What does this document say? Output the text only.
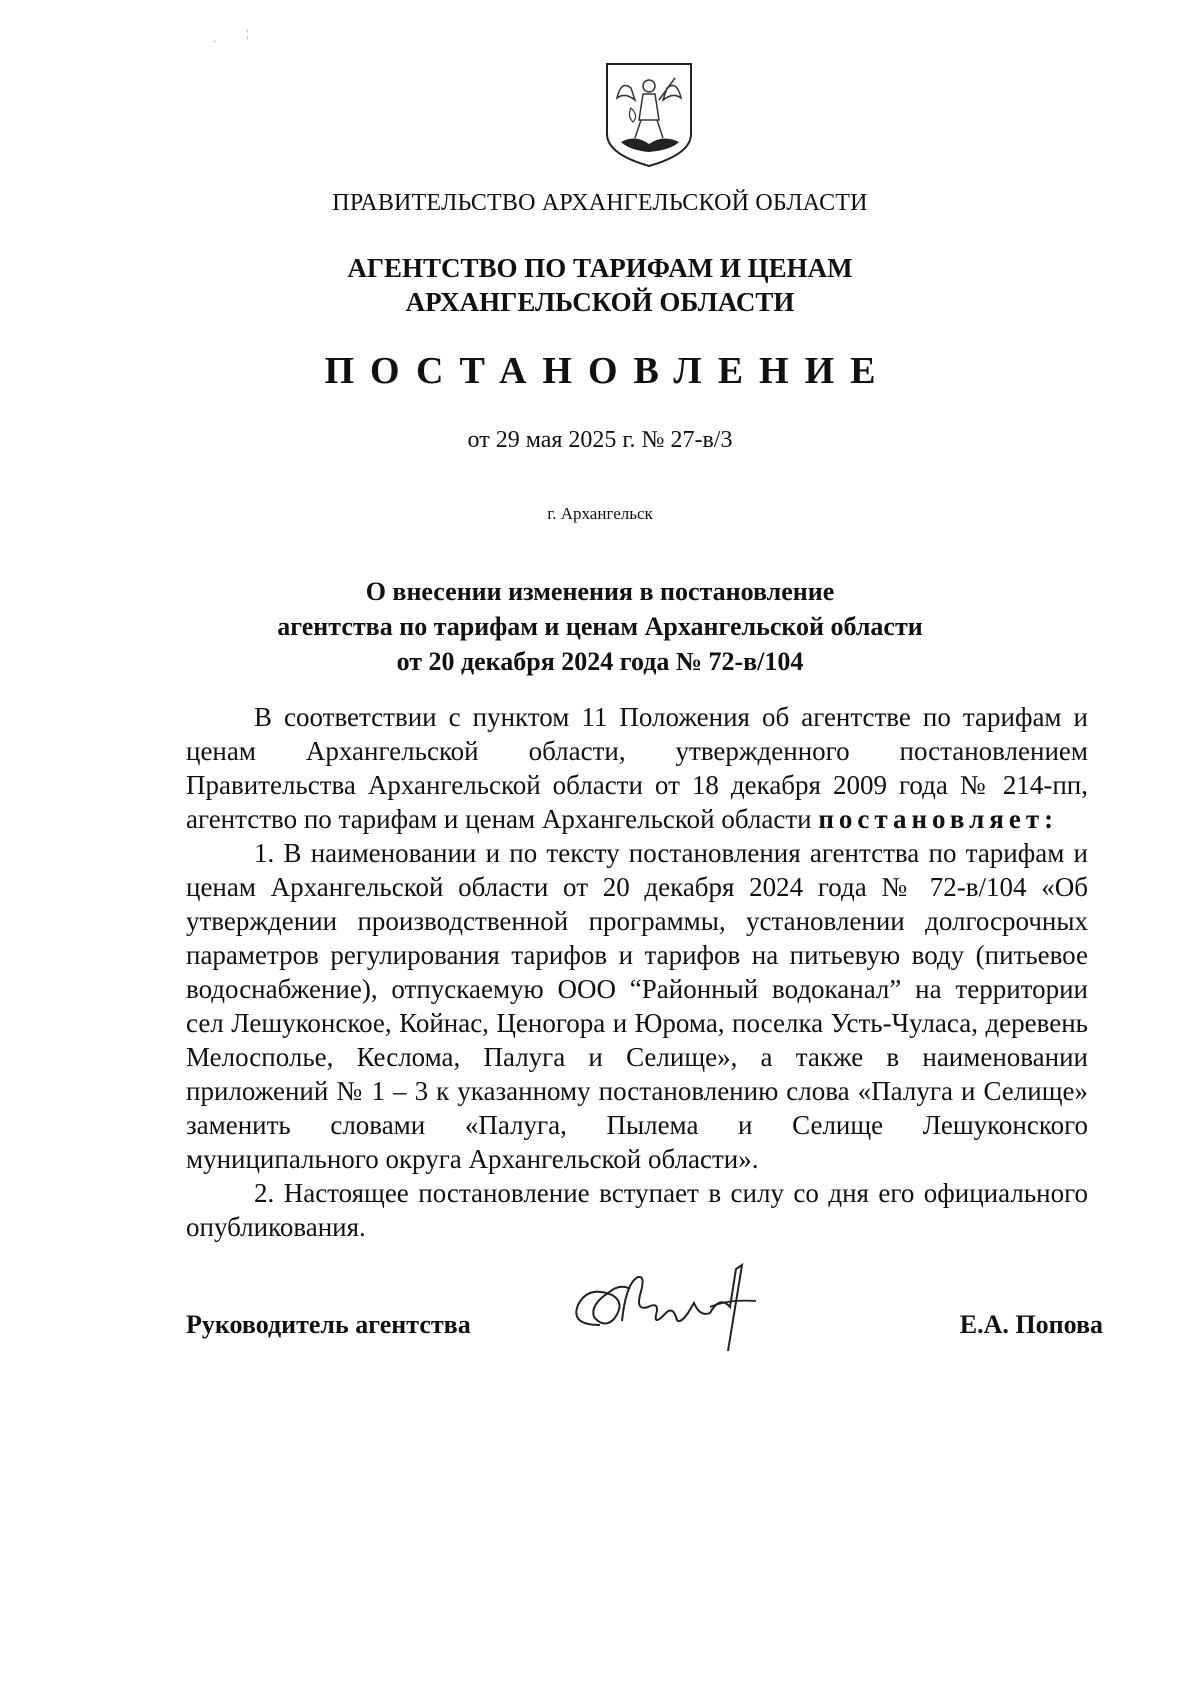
·
¦
ПРАВИТЕЛЬСТВО АРХАНГЕЛЬСКОЙ ОБЛАСТИ
АГЕНТСТВО ПО ТАРИФАМ И ЦЕНАМ
АРХАНГЕЛЬСКОЙ ОБЛАСТИ
ПОСТАНОВЛЕНИЕ
от 29 мая 2025 г. № 27-в/3
г. Архангельск
О внесении изменения в постановление
агентства по тарифам и ценам Архангельской области
от 20 декабря 2024 года № 72-в/104

В соответствии с пунктом 11 Положения об агентстве по тарифам и ценам Архангельской области, утвержденного постановлением Правительства Архангельской области от 18 декабря 2009 года № 214-пп, агентство по тарифам и ценам Архангельской области постановляет:

1. В наименовании и по тексту постановления агентства по тарифам и ценам Архангельской области от 20 декабря 2024 года № 72-в/104 «Об утверждении производственной программы, установлении долгосрочных параметров регулирования тарифов и тарифов на питьевую воду (питьевое водоснабжение), отпускаемую ООО “Районный водоканал” на территории сел Лешуконское, Койнас, Ценогора и Юрома, поселка Усть-Чуласа, деревень Мелосполье, Кеслома, Палуга и Селище», а также в наименовании приложений № 1 – 3 к указанному постановлению слова «Палуга и Селище» заменить словами «Палуга, Пылема и Селище Лешуконского муниципального округа Архангельской области».

2. Настоящее постановление вступает в силу со дня его официального опубликования.

Руководитель агентства	Е.А. Попова
